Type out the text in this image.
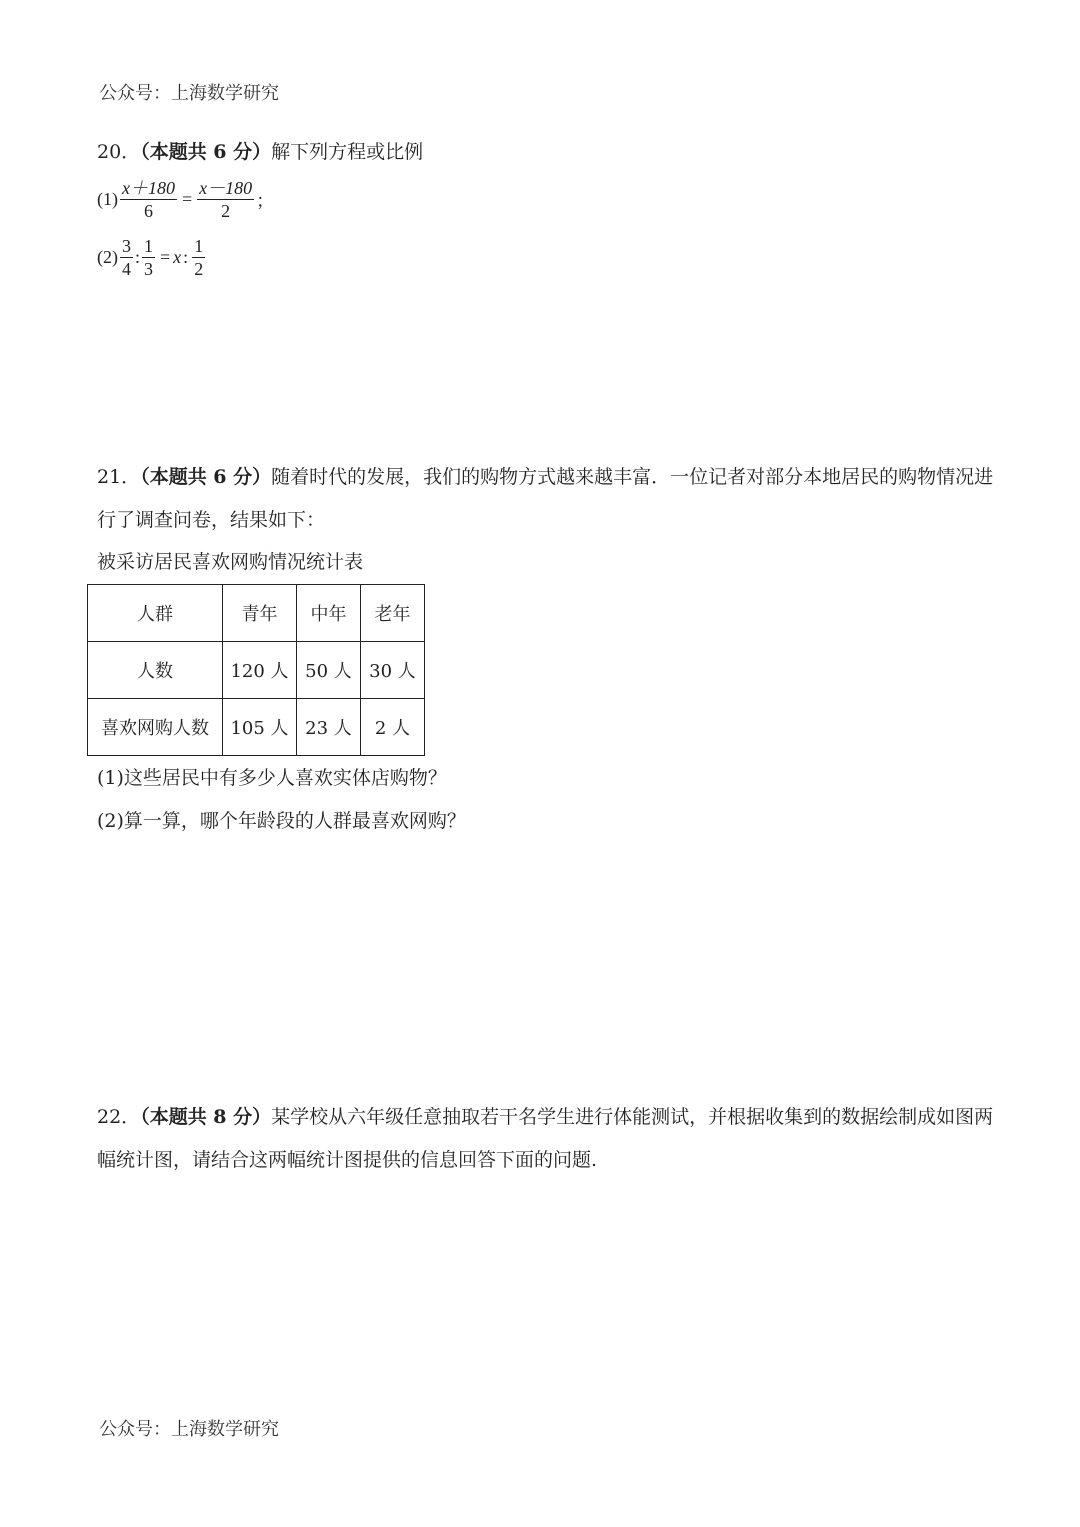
公众号：上海数学研究
20．（本题共 6 分）解下列方程或比例
$(1) \frac{x+180}{6} = \frac{x-180}{2}$ ；
$(2) \frac{3}{4}$ : $\frac{1}{3} = x$ : $\frac{1}{2}$
21．（本题共 6 分）随着时代的发展，我们的购物方式越来越丰富．一位记者对部分本地居民的购物情况进
行了调查问卷，结果如下：
被采访居民喜欢网购情况统计表
人群	青年	中年	老年
人数	120 人	50 人	30 人
喜欢网购人数	105 人	23 人	2 人
(1)这些居民中有多少人喜欢实体店购物？
(2)算一算，哪个年龄段的人群最喜欢网购？
22．（本题共 8 分）某学校从六年级任意抽取若干名学生进行体能测试，并根据收集到的数据绘制成如图两
幅统计图，请结合这两幅统计图提供的信息回答下面的问题.
公众号：上海数学研究
